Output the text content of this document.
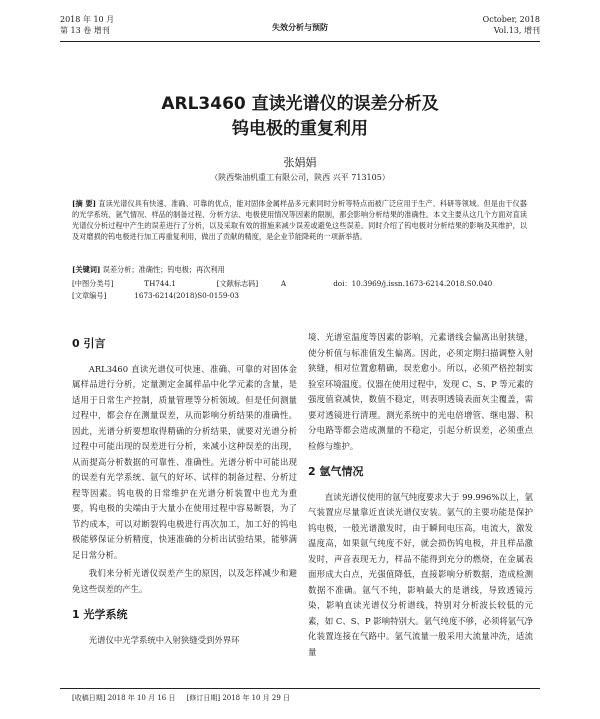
2018 年 10 月
第 13 卷 增刊	失效分析与预防
October, 2018
Vol.13, 增刊
ARL3460 直读光谱仪的误差分析及
钨电极的重复利用
张娟娟
（陕西柴油机重工有限公司，陕西 兴平 713105）
[摘 要] 直读光谱仪具有快速、准确、可靠的优点，能对固体金属样品多元素同时分析等特点而被广泛应用于生产、科研等领域。但是由于仪器的光学系统、氩气情况、样品的制备过程、分析方法、电极使用情况等因素的限制，都会影响分析结果的准确性。本文主要从这几个方面对直读光谱仪分析过程中产生的误差进行了分析，以及采取有效的措施来减少误差或避免这些误差。同时介绍了钨电极对分析结果的影响及其维护，以及对磨损的钨电极进行加工再重复利用，做出了贡献的精度，是企业节能降耗的一项新举措。
[关键词] 误差分析；准确性；钨电极；再次利用
[中图分类号]	TH744.1	[文献标志码]	A	doi：10.3969/j.issn.1673-6214.2018.S0.040
[文章编号]	1673-6214(2018)S0-0159-03
0 引言

ARL3460 直读光谱仪可快速、准确、可靠的对固体金属样品进行分析，定量测定金属样品中化学元素的含量，是适用于日常生产控制，质量管理等分析领域。但是任何测量过程中，都会存在测量误差，从而影响分析结果的准确性。因此，光谱分析要想取得精确的分析结果，就要对光谱分析过程中可能出现的误差进行分析，来减小这种误差的出现，从而提高分析数据的可靠性、准确性。光谱分析中可能出现的误差有光学系统、氩气的好坏、试样的制备过程、分析过程等因素。钨电极的日常维护在光谱分析装置中也尤为重要，钨电极的尖端由于大量小在使用过程中容易断裂，为了节约成本，可以对断裂钨电极进行再次加工，加工好的钨电极能够保证分析精度，快速准确的分析出试验结果，能够满足日常分析。

我们来分析光谱仪误差产生的原因，以及怎样减少和避免这些误差的产生。

1 光学系统

光谱仪中光学系统中入射狭缝受到外界环

境、光谱室温度等因素的影响，元素谱线会偏离出射狭缝，使分析值与标准值发生偏离。因此，必须定期扫描调整入射狭缝，相对位置愈精确，误差愈小。所以，必须严格控制实验室环境温度。仪器在使用过程中，发现 C、S、P 等元素的强度值衰减快，数值不稳定，则表明透镜表面灰尘覆盖，需要对透镜进行清理。测光系统中的光电倍增管、继电器、积分电路等都会造成测量的不稳定，引起分析误差，必须重点检修与维护。

2 氩气情况

直读光谱仪使用的氩气纯度要求大于 99.996%以上，氩气装置应尽量靠近直读光谱仪安装。氩气的主要功能是保护钨电极，一般光谱激发时，由于瞬间电压高，电流大，激发温度高，如果氩气纯度不好，就会损伤钨电极，并且样品激发时，声音表现无力，样品不能得到充分的燃烧，在金属表面形成大白点，光强值降低，直接影响分析数据，造成检测数据不准确。氩气不纯，影响最大的是谱线，导致透镜污染，影响直读光谱仪分析谱线，特别对分析波长较低的元素，如 C、S、P 影响特别大。氩气纯度不够，必须将氩气净化装置连接在气路中。氩气流量一般采用大流量冲洗，适流量

[收稿日期] 2018 年 10 月 16 日 [修订日期] 2018 年 10 月 29 日
